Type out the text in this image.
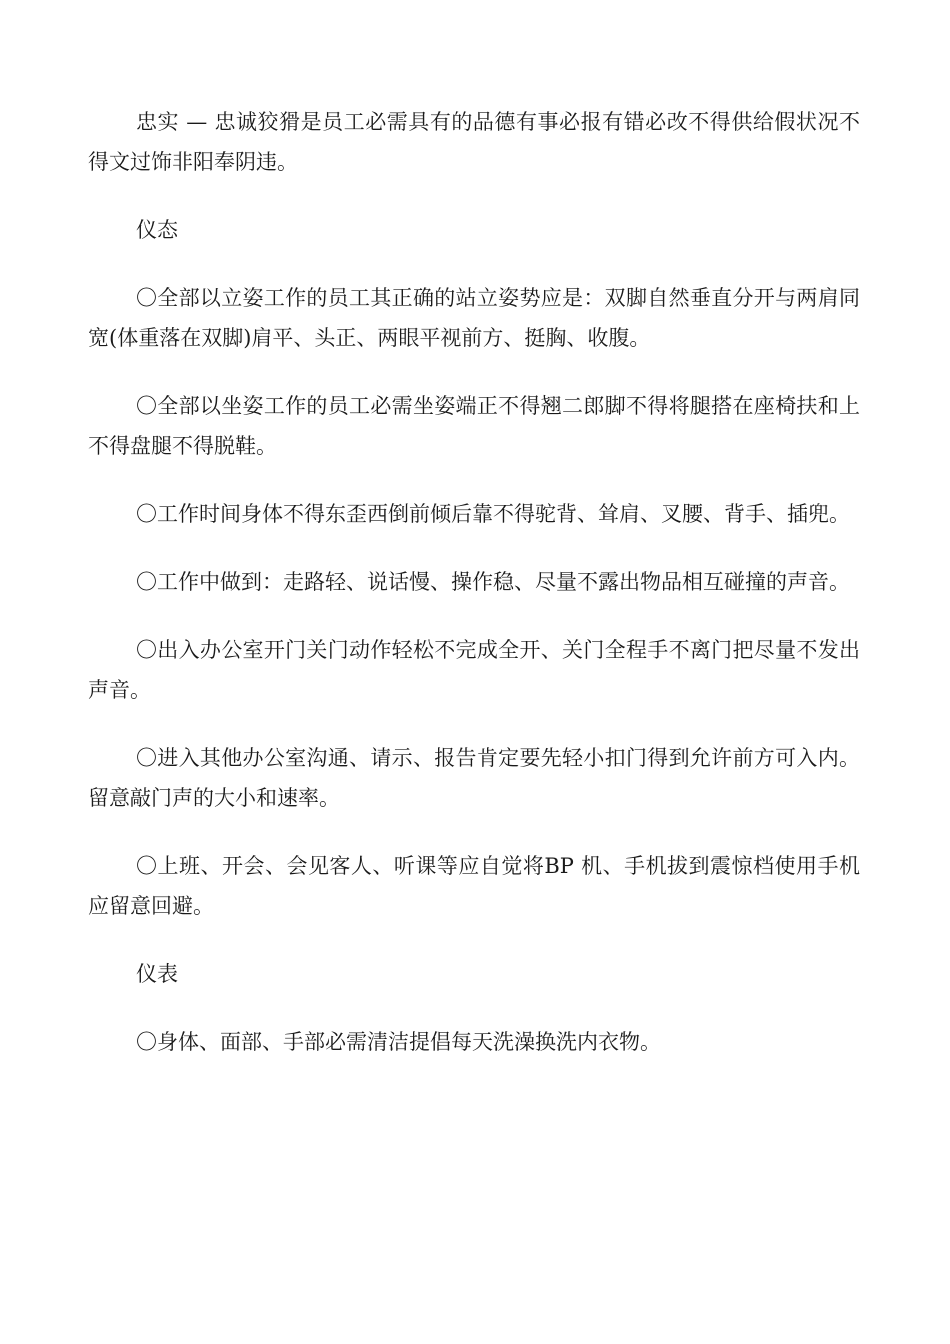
忠实 — 忠诚狡猾是员工必需具有的品德有事必报有错必改不得供给假状况不得文过饰非阳奉阴违。

仪态

〇全部以立姿工作的员工其正确的站立姿势应是：双脚自然垂直分开与两肩同宽(体重落在双脚)肩平、头正、两眼平视前方、挺胸、收腹。

〇全部以坐姿工作的员工必需坐姿端正不得翘二郎脚不得将腿搭在座椅扶和上不得盘腿不得脱鞋。

〇工作时间身体不得东歪西倒前倾后靠不得驼背、耸肩、叉腰、背手、插兜。

〇工作中做到：走路轻、说话慢、操作稳、尽量不露出物品相互碰撞的声音。

〇出入办公室开门关门动作轻松不完成全开、关门全程手不离门把尽量不发出声音。

〇进入其他办公室沟通、请示、报告肯定要先轻小扣门得到允许前方可入内。留意敲门声的大小和速率。

〇上班、开会、会见客人、听课等应自觉将BP 机、手机拔到震惊档使用手机应留意回避。

仪表

〇身体、面部、手部必需清洁提倡每天洗澡换洗内衣物。
